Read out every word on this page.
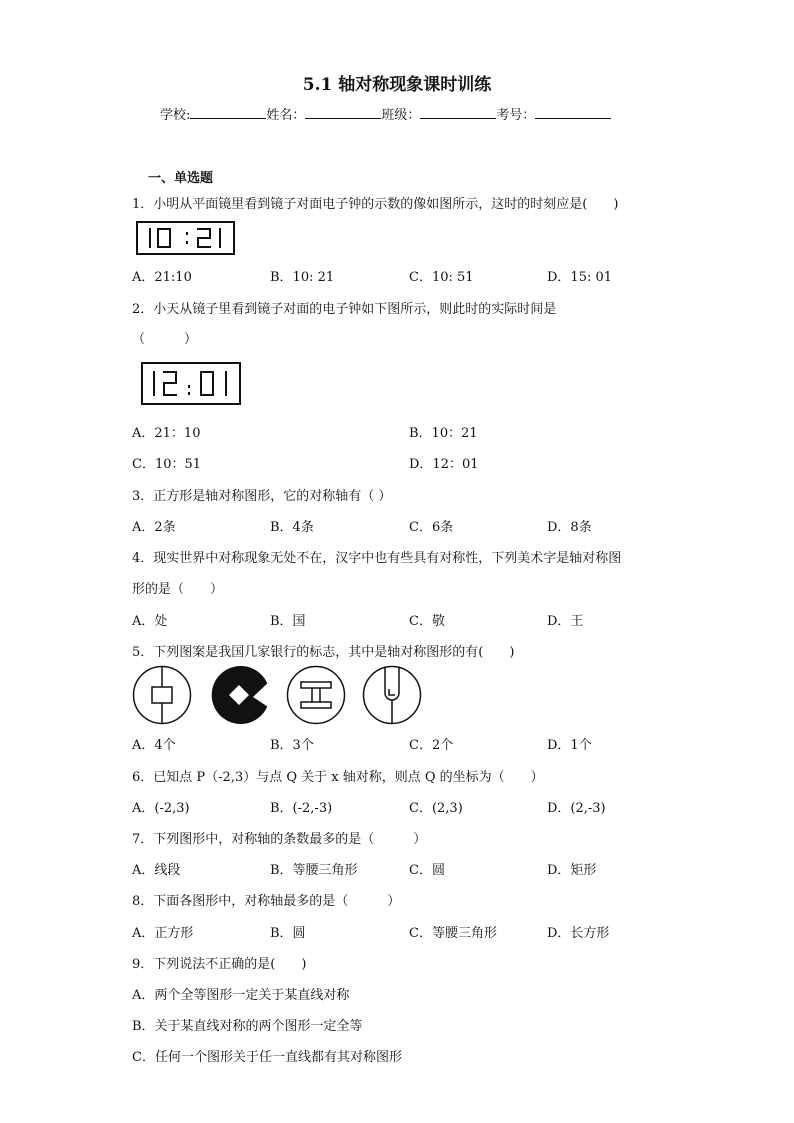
5.1 轴对称现象课时训练
学校:	姓名：	班级：	考号：
一、单选题
1．小明从平面镜里看到镜子对面电子钟的示数的像如图所示，这时的时刻应是(　　)
A．21:10	B．10: 21	C．10: 51	D．15: 01
2．小天从镜子里看到镜子对面的电子钟如下图所示，则此时的实际时间是
（　　　）
A．21：10	B．10：21
C．10：51	D．12：01
3．正方形是轴对称图形，它的对称轴有（ ）
A．2条	B．4条	C．6条	D．8条
4．现实世界中对称现象无处不在，汉字中也有些具有对称性，下列美术字是轴对称图
形的是（　　）
A．处	B．国	C．敬	D．王
5．下列图案是我国几家银行的标志，其中是轴对称图形的有(　　)
A．4个	B．3个	C．2个	D．1个
6．已知点 P（-2,3）与点 Q 关于 x 轴对称，则点 Q 的坐标为（　　）
A．(-2,3)	B．(-2,-3)	C．(2,3)	D．(2,-3)
7．下列图形中，对称轴的条数最多的是（　　　）
A．线段	B．等腰三角形	C．圆	D．矩形
8．下面各图形中，对称轴最多的是（　　　）
A．正方形	B．圆	C．等腰三角形	D．长方形
9．下列说法不正确的是(　　)
A．两个全等图形一定关于某直线对称
B．关于某直线对称的两个图形一定全等
C．任何一个图形关于任一直线都有其对称图形
